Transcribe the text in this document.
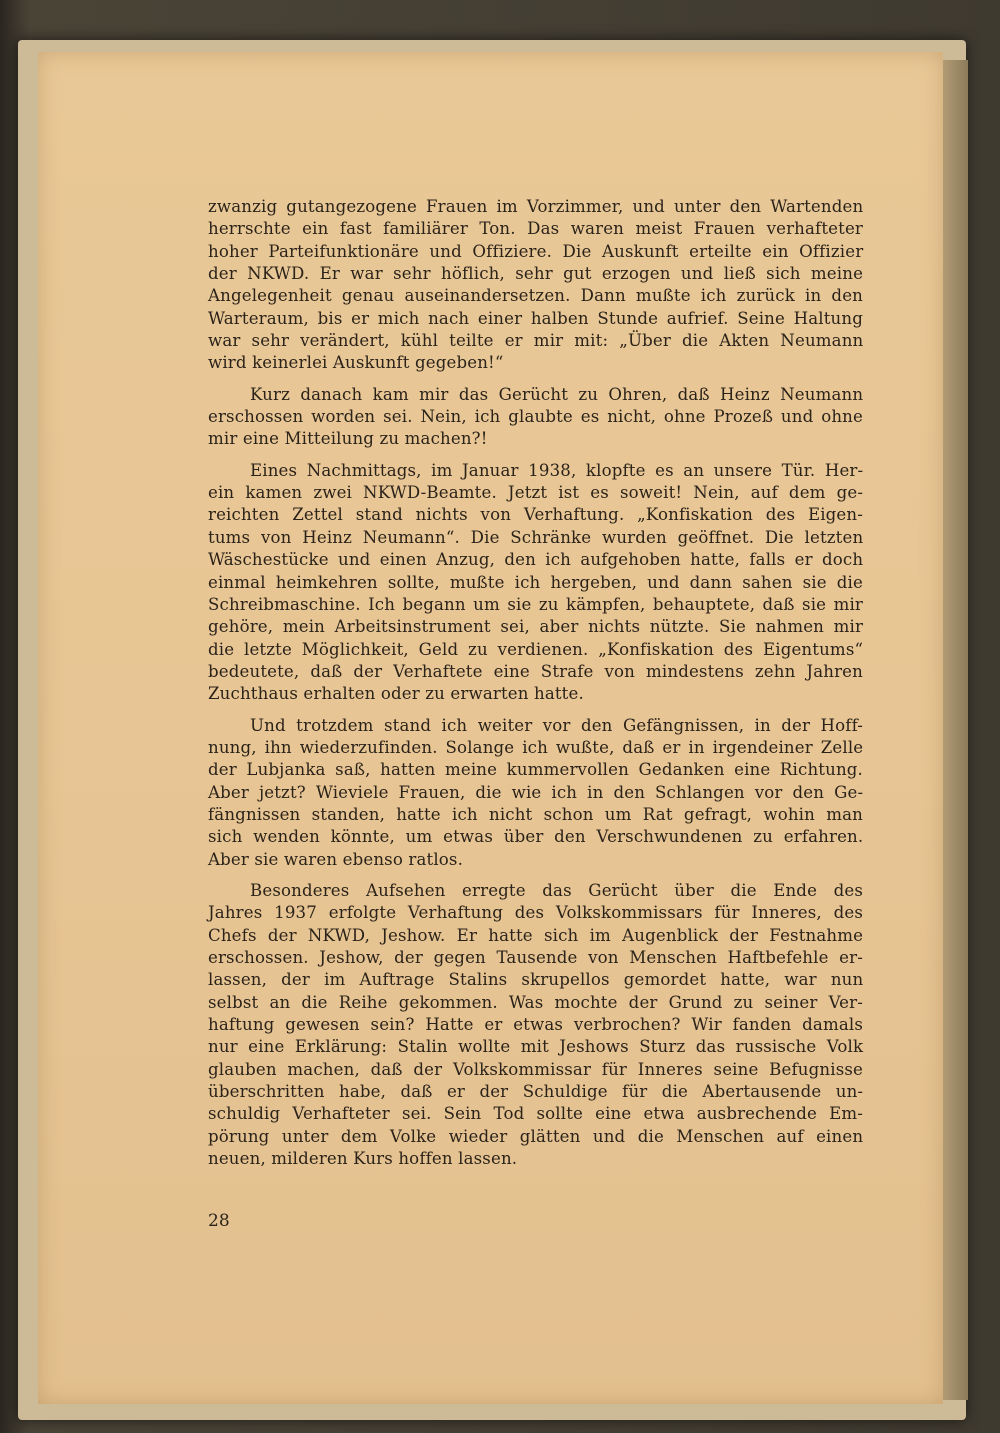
zwanzig gutangezogene Frauen im Vorzimmer, und unter den Wartenden
herrschte ein fast familiärer Ton. Das waren meist Frauen verhafteter
hoher Parteifunktionäre und Offiziere. Die Auskunft erteilte ein Offizier
der NKWD. Er war sehr höflich, sehr gut erzogen und ließ sich meine
Angelegenheit genau auseinandersetzen. Dann mußte ich zurück in den
Warteraum, bis er mich nach einer halben Stunde aufrief. Seine Haltung
war sehr verändert, kühl teilte er mir mit: „Über die Akten Neumann
wird keinerlei Auskunft gegeben!“
Kurz danach kam mir das Gerücht zu Ohren, daß Heinz Neumann
erschossen worden sei. Nein, ich glaubte es nicht, ohne Prozeß und ohne
mir eine Mitteilung zu machen?!
Eines Nachmittags, im Januar 1938, klopfte es an unsere Tür. Her-
ein kamen zwei NKWD-Beamte. Jetzt ist es soweit! Nein, auf dem ge-
reichten Zettel stand nichts von Verhaftung. „Konfiskation des Eigen-
tums von Heinz Neumann“. Die Schränke wurden geöffnet. Die letzten
Wäschestücke und einen Anzug, den ich aufgehoben hatte, falls er doch
einmal heimkehren sollte, mußte ich hergeben, und dann sahen sie die
Schreibmaschine. Ich begann um sie zu kämpfen, behauptete, daß sie mir
gehöre, mein Arbeitsinstrument sei, aber nichts nützte. Sie nahmen mir
die letzte Möglichkeit, Geld zu verdienen. „Konfiskation des Eigentums“
bedeutete, daß der Verhaftete eine Strafe von mindestens zehn Jahren
Zuchthaus erhalten oder zu erwarten hatte.
Und trotzdem stand ich weiter vor den Gefängnissen, in der Hoff-
nung, ihn wiederzufinden. Solange ich wußte, daß er in irgendeiner Zelle
der Lubjanka saß, hatten meine kummervollen Gedanken eine Richtung.
Aber jetzt? Wieviele Frauen, die wie ich in den Schlangen vor den Ge-
fängnissen standen, hatte ich nicht schon um Rat gefragt, wohin man
sich wenden könnte, um etwas über den Verschwundenen zu erfahren.
Aber sie waren ebenso ratlos.
Besonderes Aufsehen erregte das Gerücht über die Ende des
Jahres 1937 erfolgte Verhaftung des Volkskommissars für Inneres, des
Chefs der NKWD, Jeshow. Er hatte sich im Augenblick der Festnahme
erschossen. Jeshow, der gegen Tausende von Menschen Haftbefehle er-
lassen, der im Auftrage Stalins skrupellos gemordet hatte, war nun
selbst an die Reihe gekommen. Was mochte der Grund zu seiner Ver-
haftung gewesen sein? Hatte er etwas verbrochen? Wir fanden damals
nur eine Erklärung: Stalin wollte mit Jeshows Sturz das russische Volk
glauben machen, daß der Volkskommissar für Inneres seine Befugnisse
überschritten habe, daß er der Schuldige für die Abertausende un-
schuldig Verhafteter sei. Sein Tod sollte eine etwa ausbrechende Em-
pörung unter dem Volke wieder glätten und die Menschen auf einen
neuen, milderen Kurs hoffen lassen.
28
